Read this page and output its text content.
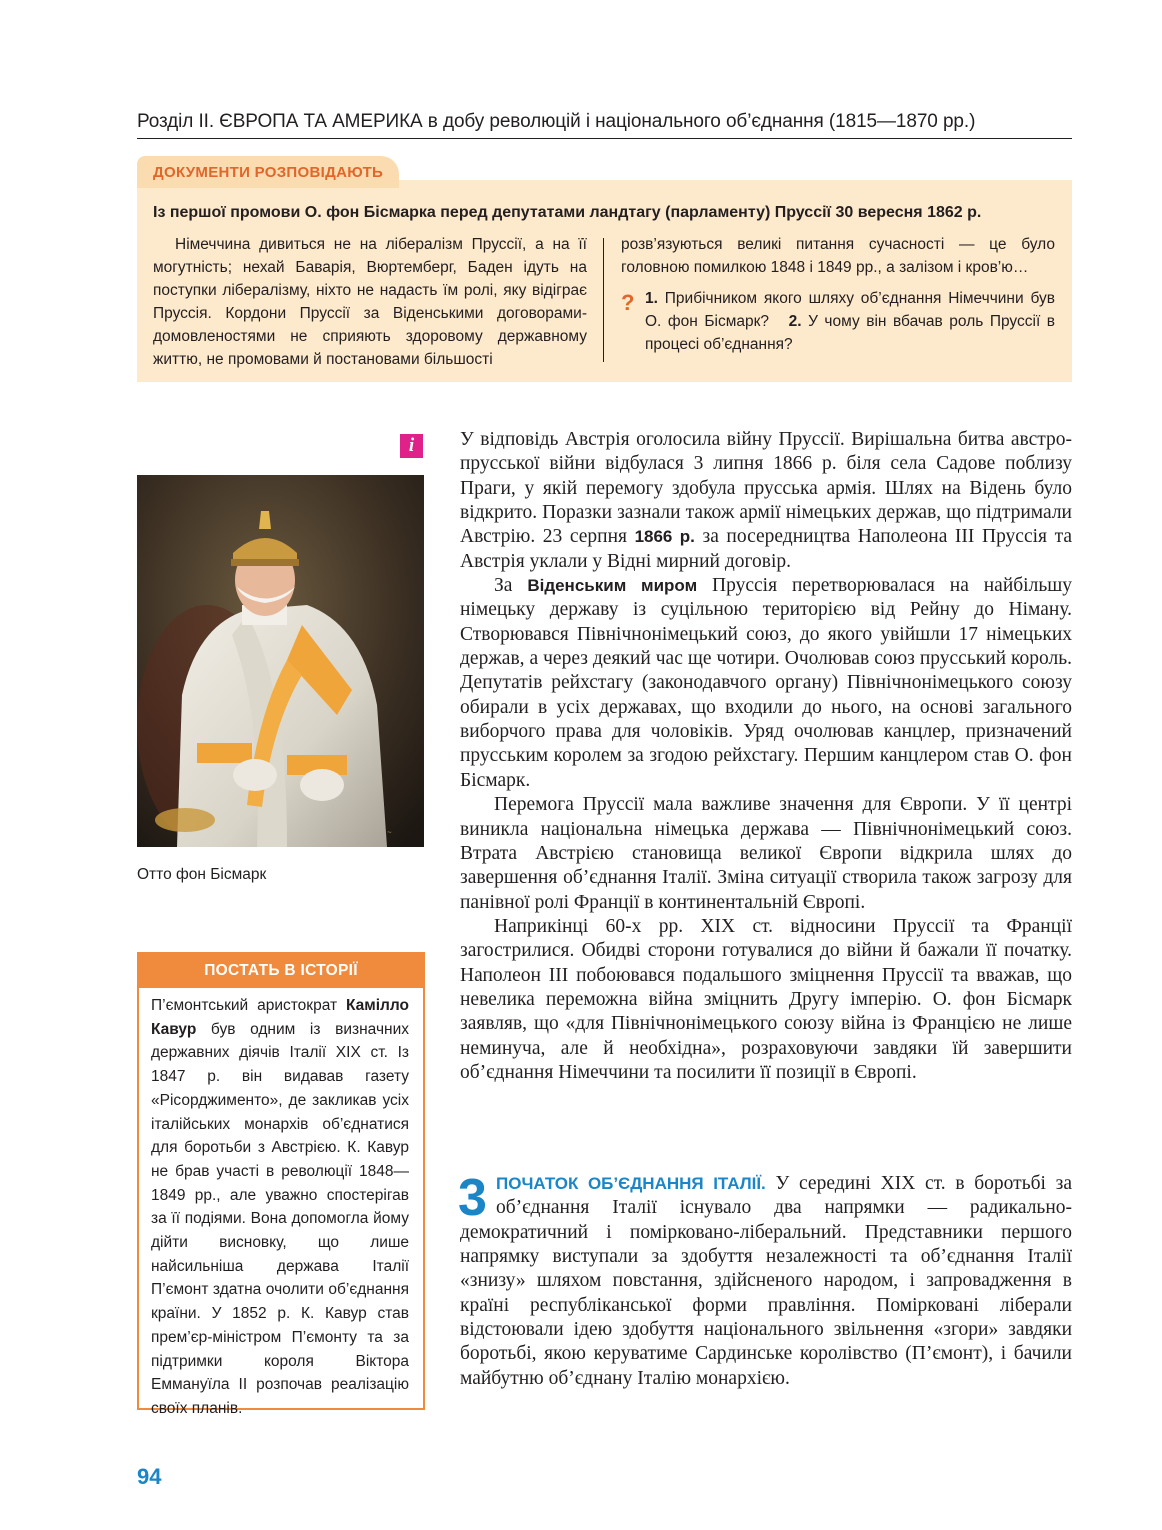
Розділ ІІ. ЄВРОПА ТА АМЕРИКА в добу революцій і національного об’єднання (1815—1870 рр.)
Із першої промови О. фон Бісмарка перед депутатами ландтагу (парламенту) Пруссії 30 вересня 1862 р.
Німеччина дивиться не на лібералізм Пруссії, а на її могутність; нехай Баварія, Вюртемберг, Баден ідуть на поступки лібералізму, ніхто не надасть їм ролі, яку відіграє Пруссія. Кордони Пруссії за Віденськими договорами-домовленостями не сприяють здоровому державному життю, не промовами й постановами більшості
розв’язуються великі питання сучасності — це було головною помилкою 1848 і 1849 рр., а залізом і кров’ю…
? 1. Прибічником якого шляху об’єднання Німеччини був О. фон Бісмарк? 2. У чому він вбачав роль Пруссії в процесі об’єднання?
ДОКУМЕНТИ РОЗПОВІДАЮТЬ
i
~
Отто фон Бісмарк
ПОСТАТЬ В ІСТОРІЇ
П’ємонтський аристократ Камілло Кавур був одним із визначних державних діячів Італії ХІХ ст. Із 1847 р. він видавав газету «Рісорджименто», де закликав усіх італійських монархів об’єднатися для боротьби з Австрією. К. Кавур не брав участі в революції 1848—1849 рр., але уважно спостерігав за її подіями. Вона допомогла йому дійти висновку, що лише найсильніша держава Італії П’ємонт здатна очолити об’єднання країни. У 1852 р. К. Кавур став прем’єр-міністром П’ємонту та за підтримки короля Віктора Еммануїла ІІ розпочав реалізацію своїх планів.

У відповідь Австрія оголосила війну Пруссії. Вирішальна битва австро-прусської війни відбулася 3 липня 1866 р. біля села Садове поблизу Праги, у якій перемогу здобула прусська армія. Шлях на Відень було відкрито. Поразки зазнали також армії німецьких держав, що підтримали Австрію. 23 серпня 1866 р. за посередництва Наполеона ІІІ Пруссія та Австрія уклали у Відні мирний договір.

За Віденським миром Пруссія перетворювалася на найбільшу німецьку державу із суцільною територією від Рейну до Німану. Створювався Північнонімецький союз, до якого увійшли 17 німецьких держав, а через деякий час ще чотири. Очолював союз прусський король. Депутатів рейхстагу (законодавчого органу) Північнонімецького союзу обирали в усіх державах, що входили до нього, на основі загального виборчого права для чоловіків. Уряд очолював канцлер, призначений прусським королем за згодою рейхстагу. Першим канцлером став О. фон Бісмарк.

Перемога Пруссії мала важливе значення для Європи. У її центрі виникла національна німецька держава — Північнонімецький союз. Втрата Австрією становища великої Європи відкрила шлях до завершення об’єднання Італії. Зміна ситуації створила також загрозу для панівної ролі Франції в континентальній Європі.

Наприкінці 60-х рр. ХІХ ст. відносини Пруссії та Франції загострилися. Обидві сторони готувалися до війни й бажали її початку. Наполеон ІІІ побоювався подальшого зміцнення Пруссії та вважав, що невелика переможна війна зміцнить Другу імперію. О. фон Бісмарк заявляв, що «для Північнонімецького союзу війна із Францією не лише неминуча, але й необхідна», розраховуючи завдяки їй завершити об’єднання Німеччини та посилити її позиції в Європі.

3 ПОЧАТОК ОБ’ЄДНАННЯ ІТАЛІЇ. У середині ХІХ ст. в боротьбі за об’єднання Італії існувало два напрямки — радикально-демократичний і помірковано-ліберальний. Представники першого напрямку виступали за здобуття незалежності та об’єднання Італії «знизу» шляхом повстання, здійсненого народом, і запровадження в країні республіканської форми правління. Помірковані ліберали відстоювали ідею здобуття національного звільнення «згори» завдяки боротьбі, якою керуватиме Сардинське королівство (П’ємонт), і бачили майбутню об’єднану Італію монархією.
94
